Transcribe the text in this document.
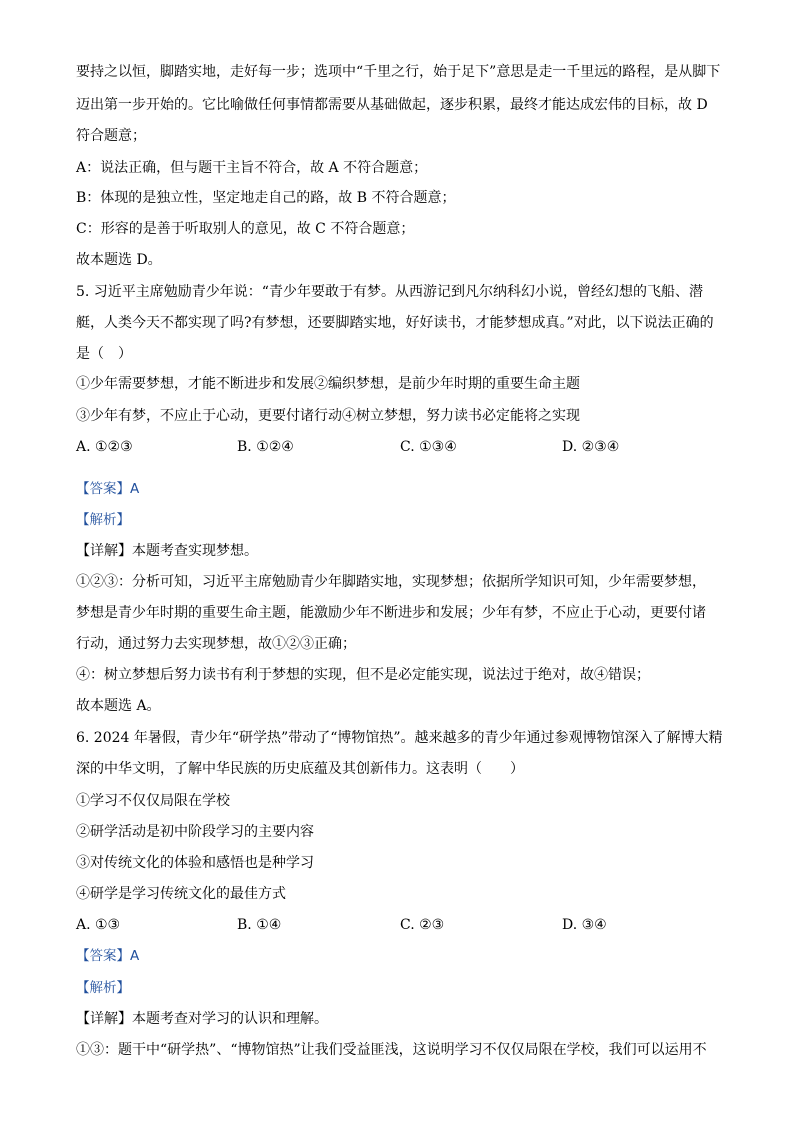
要持之以恒，脚踏实地，走好每一步；选项中“千里之行，始于足下”意思是走一千里远的路程，是从脚下
迈出第一步开始的。它比喻做任何事情都需要从基础做起，逐步积累，最终才能达成宏伟的目标，故 D
符合题意；
A：说法正确，但与题干主旨不符合，故 A 不符合题意；
B：体现的是独立性，坚定地走自己的路，故 B 不符合题意；
C：形容的是善于听取别人的意见，故 C 不符合题意；
故本题选 D。
5. 习近平主席勉励青少年说：“青少年要敢于有梦。从西游记到凡尔纳科幻小说，曾经幻想的飞船、潜
艇，人类今天不都实现了吗?有梦想，还要脚踏实地，好好读书，才能梦想成真。”对此，以下说法正确的
是（　）
①少年需要梦想，才能不断进步和发展②编织梦想，是前少年时期的重要生命主题
③少年有梦，不应止于心动，更要付诸行动④树立梦想，努力读书必定能将之实现
A. ①②③	B. ①②④	C. ①③④	D. ②③④
【答案】A
【解析】
【详解】本题考查实现梦想。
①②③：分析可知，习近平主席勉励青少年脚踏实地，实现梦想；依据所学知识可知，少年需要梦想，
梦想是青少年时期的重要生命主题，能激励少年不断进步和发展；少年有梦，不应止于心动，更要付诸
行动，通过努力去实现梦想，故①②③正确；
④：树立梦想后努力读书有利于梦想的实现，但不是必定能实现，说法过于绝对，故④错误；
故本题选 A。
6. 2024 年暑假，青少年“研学热”带动了“博物馆热”。越来越多的青少年通过参观博物馆深入了解博大精
深的中华文明，了解中华民族的历史底蕴及其创新伟力。这表明（　　）
①学习不仅仅局限在学校
②研学活动是初中阶段学习的主要内容
③对传统文化的体验和感悟也是种学习
④研学是学习传统文化的最佳方式
A. ①③	B. ①④	C. ②③	D. ③④
【答案】A
【解析】
【详解】本题考查对学习的认识和理解。
①③：题干中“研学热”、“博物馆热”让我们受益匪浅，这说明学习不仅仅局限在学校，我们可以运用不
